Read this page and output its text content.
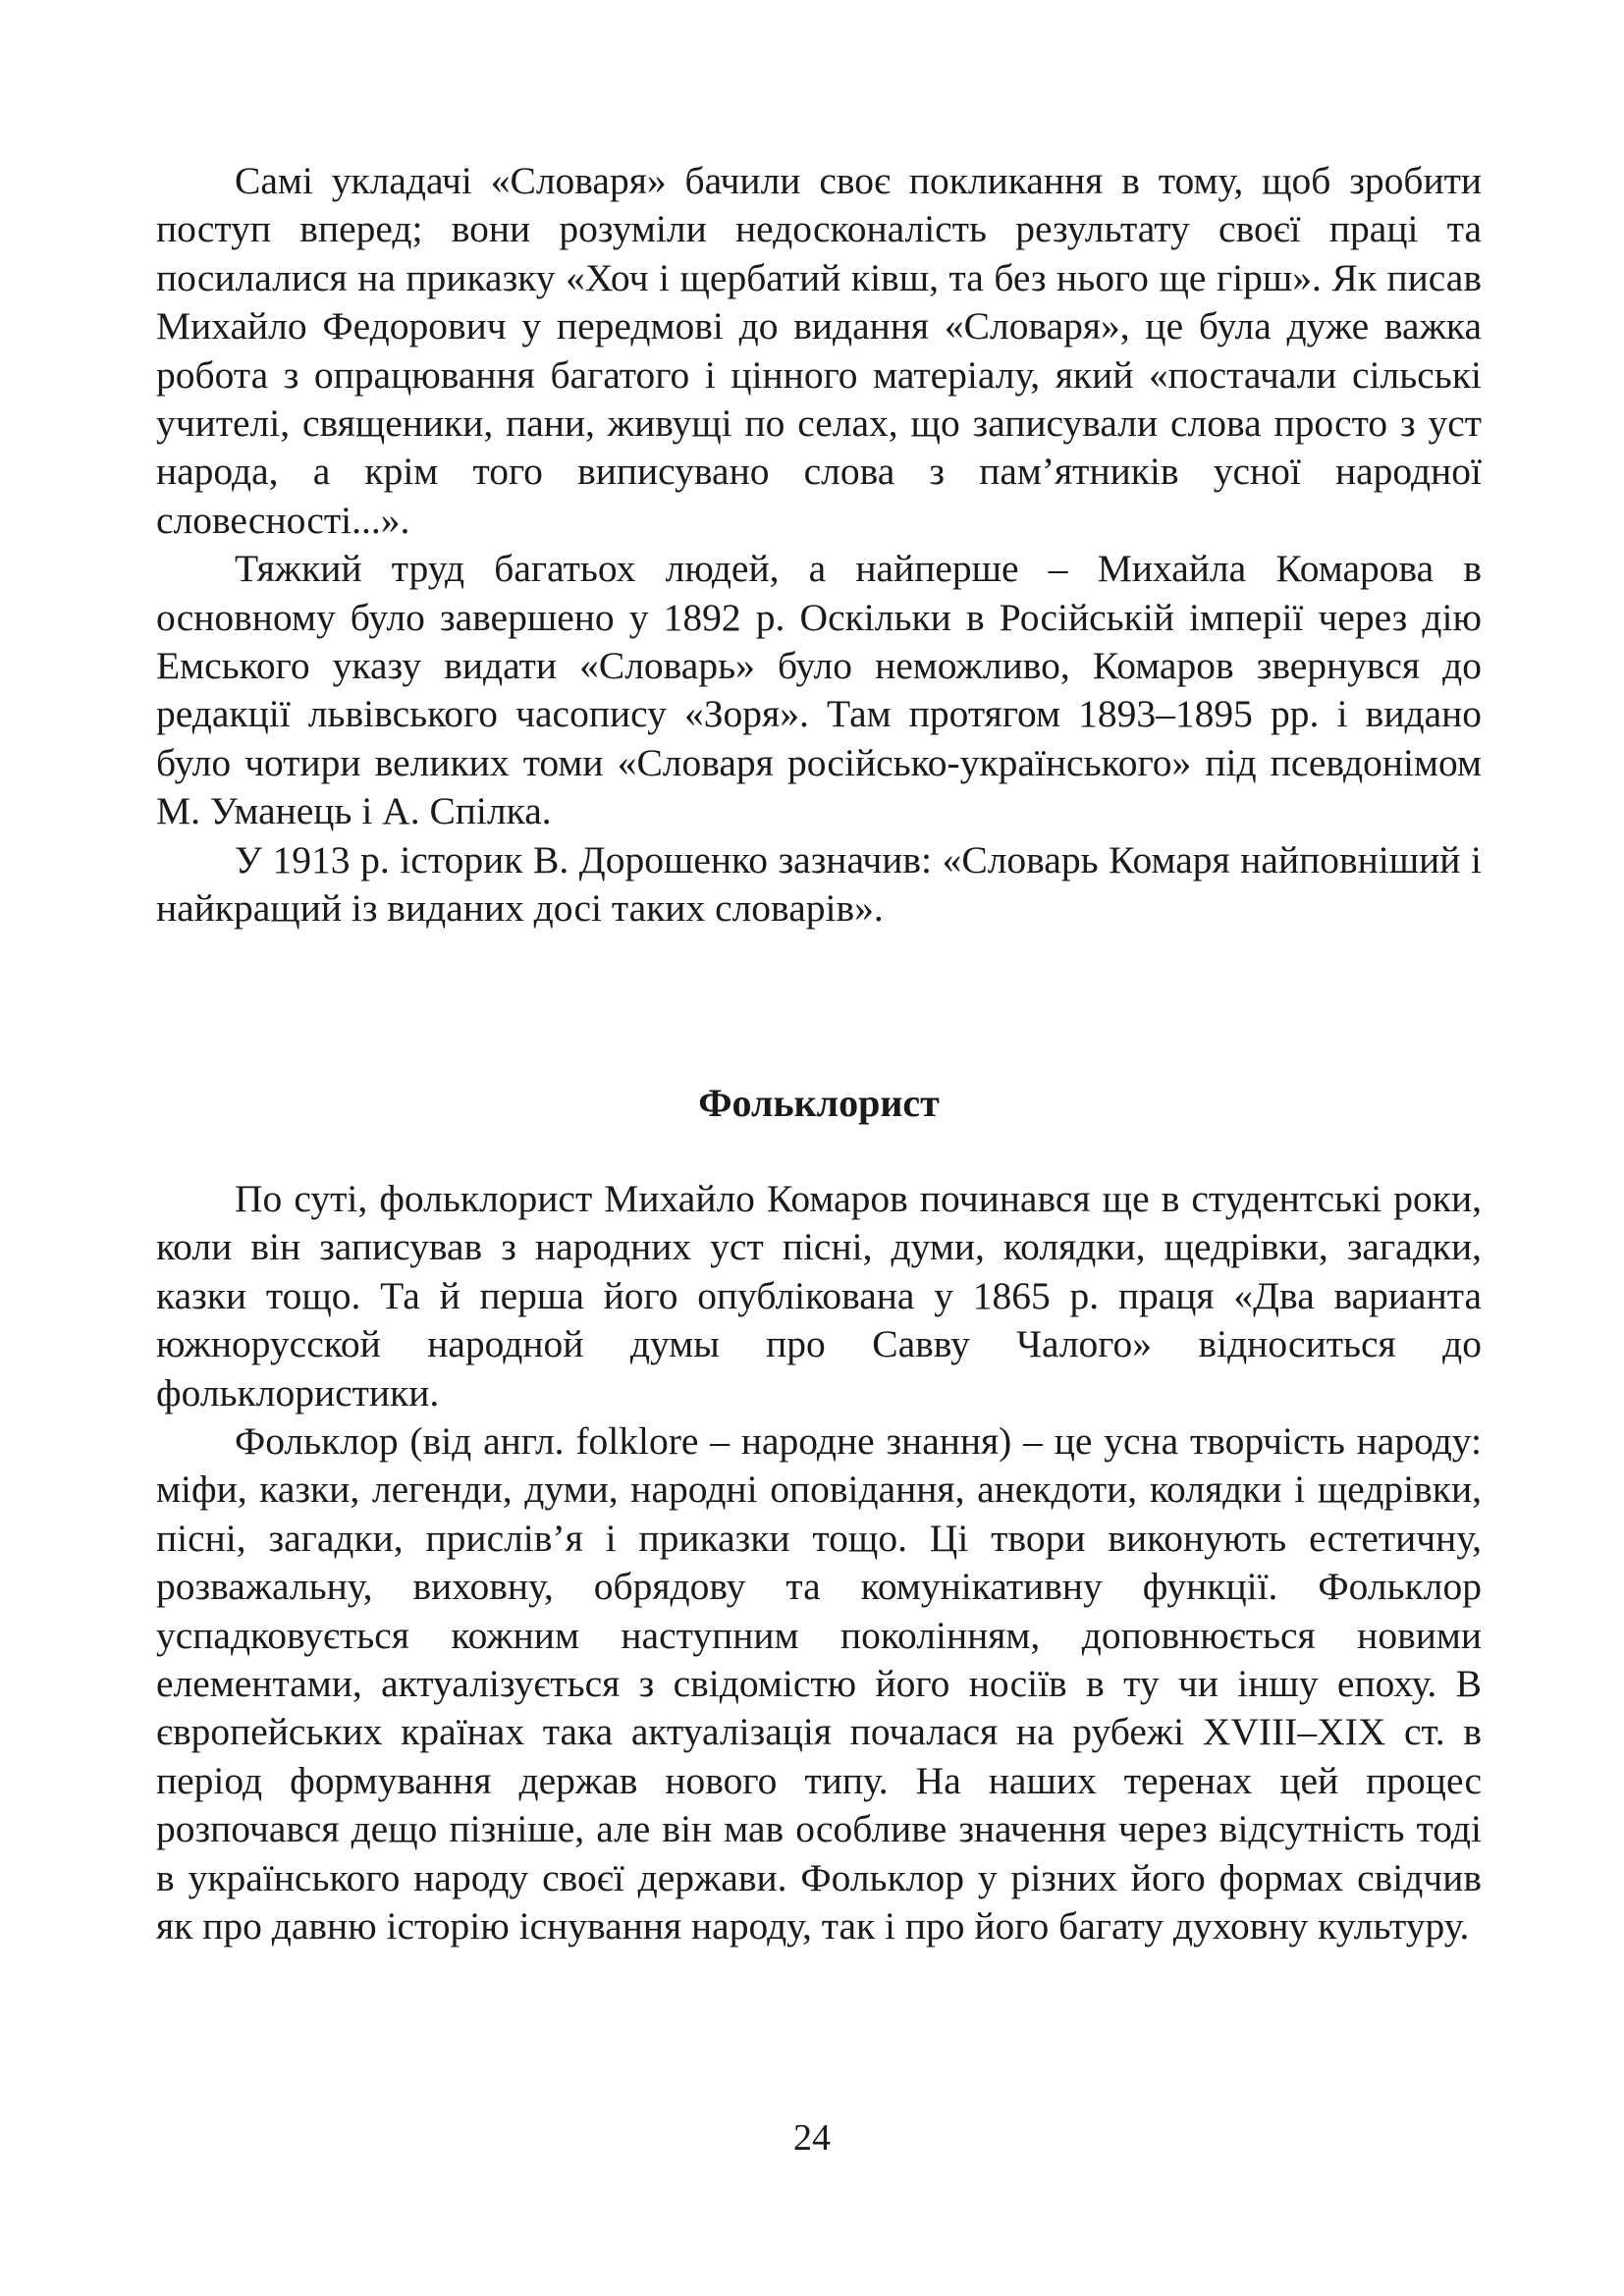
Самі укладачі «Словаря» бачили своє покликання в тому, щоб зробити поступ вперед; вони розуміли недосконалість результату своєї праці та посилалися на приказку «Хоч і щербатий ківш, та без нього ще гірш». Як писав Михайло Федорович у передмові до видання «Словаря», це була дуже важка робота з опрацювання багатого і цінного матеріалу, який «постачали сільські учителі, священики, пани, живущі по селах, що записували слова просто з уст народа, а крім того виписувано слова з пам’ятників усної народної словесності...».

Тяжкий труд багатьох людей, а найперше – Михайла Комарова в основному було завершено у 1892 р. Оскільки в Російській імперії через дію Емського указу видати «Словарь» було неможливо, Комаров звернувся до редакції львівського часопису «Зоря». Там протягом 1893–1895 рр. і видано було чотири великих томи «Словаря російсько-українського» під псевдонімом М. Уманець і А. Спілка.

У 1913 р. історик В. Дорошенко зазначив: «Словарь Комаря найповніший і найкращий із виданих досі таких словарів».

Фольклорист

По суті, фольклорист Михайло Комаров починався ще в студентські роки, коли він записував з народних уст пісні, думи, колядки, щедрівки, загадки, казки тощо. Та й перша його опублікована у 1865 р. праця «Два варианта южнорусской народной думы про Савву Чалого» відноситься до фольклористики.

Фольклор (від англ. folklore – народне знання) – це усна творчість народу: міфи, казки, легенди, думи, народні оповідання, анекдоти, колядки і щедрівки, пісні, загадки, прислів’я і приказки тощо. Ці твори виконують естетичну, розважальну, виховну, обрядову та комунікативну функції. Фольклор успадковується кожним наступним поколінням, доповнюється новими елементами, актуалізується з свідомістю його носіїв в ту чи іншу епоху. В європейських країнах така актуалізація почалася на рубежі XVIII–XIX ст. в період формування держав нового типу. На наших теренах цей процес розпочався дещо пізніше, але він мав особливе значення через відсутність тоді в українського народу своєї держави. Фольклор у різних його формах свідчив як про давню історію існування народу, так і про його багату духовну культуру.

24
